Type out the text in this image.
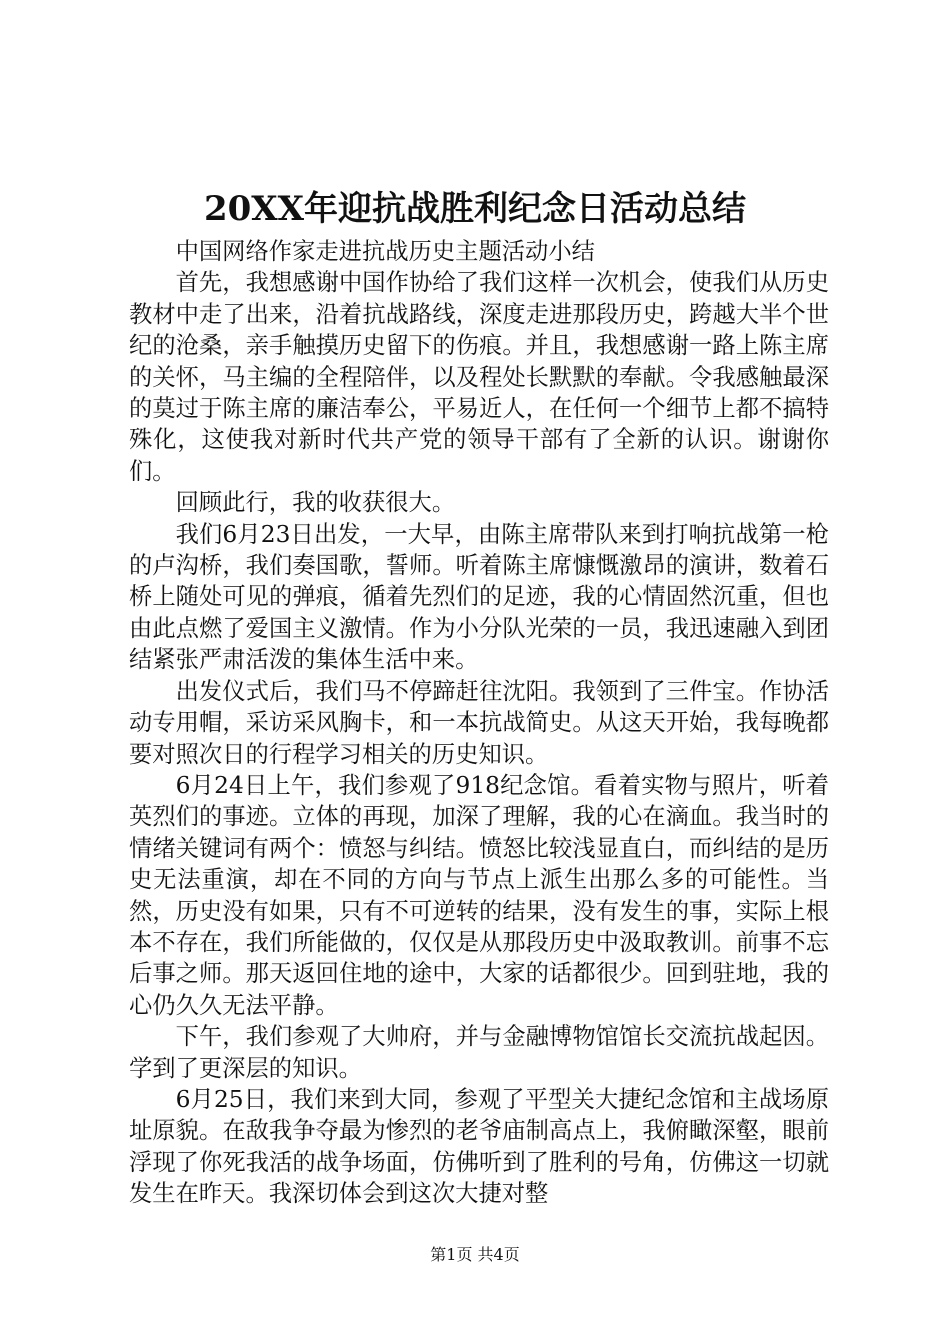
20XX年迎抗战胜利纪念日活动总结

中国网络作家走进抗战历史主题活动小结

首先，我想感谢中国作协给了我们这样一次机会，使我们从历史教材中走了出来，沿着抗战路线，深度走进那段历史，跨越大半个世纪的沧桑，亲手触摸历史留下的伤痕。并且，我想感谢一路上陈主席的关怀，马主编的全程陪伴，以及程处长默默的奉献。令我感触最深的莫过于陈主席的廉洁奉公，平易近人，在任何一个细节上都不搞特殊化，这使我对新时代共产党的领导干部有了全新的认识。谢谢你们。

回顾此行，我的收获很大。

我们6月23日出发，一大早，由陈主席带队来到打响抗战第一枪的卢沟桥，我们奏国歌，誓师。听着陈主席慷慨激昂的演讲，数着石桥上随处可见的弹痕，循着先烈们的足迹，我的心情固然沉重，但也由此点燃了爱国主义激情。作为小分队光荣的一员，我迅速融入到团结紧张严肃活泼的集体生活中来。

出发仪式后，我们马不停蹄赶往沈阳。我领到了三件宝。作协活动专用帽，采访采风胸卡，和一本抗战简史。从这天开始，我每晚都要对照次日的行程学习相关的历史知识。

6月24日上午，我们参观了918纪念馆。看着实物与照片，听着英烈们的事迹。立体的再现，加深了理解，我的心在滴血。我当时的情绪关键词有两个：愤怒与纠结。愤怒比较浅显直白，而纠结的是历史无法重演，却在不同的方向与节点上派生出那么多的可能性。当然，历史没有如果，只有不可逆转的结果，没有发生的事，实际上根本不存在，我们所能做的，仅仅是从那段历史中汲取教训。前事不忘后事之师。那天返回住地的途中，大家的话都很少。回到驻地，我的心仍久久无法平静。

下午，我们参观了大帅府，并与金融博物馆馆长交流抗战起因。学到了更深层的知识。

6月25日，我们来到大同，参观了平型关大捷纪念馆和主战场原址原貌。在敌我争夺最为惨烈的老爷庙制高点上，我俯瞰深壑，眼前浮现了你死我活的战争场面，仿佛听到了胜利的号角，仿佛这一切就发生在昨天。我深切体会到这次大捷对整

第1页 共4页
